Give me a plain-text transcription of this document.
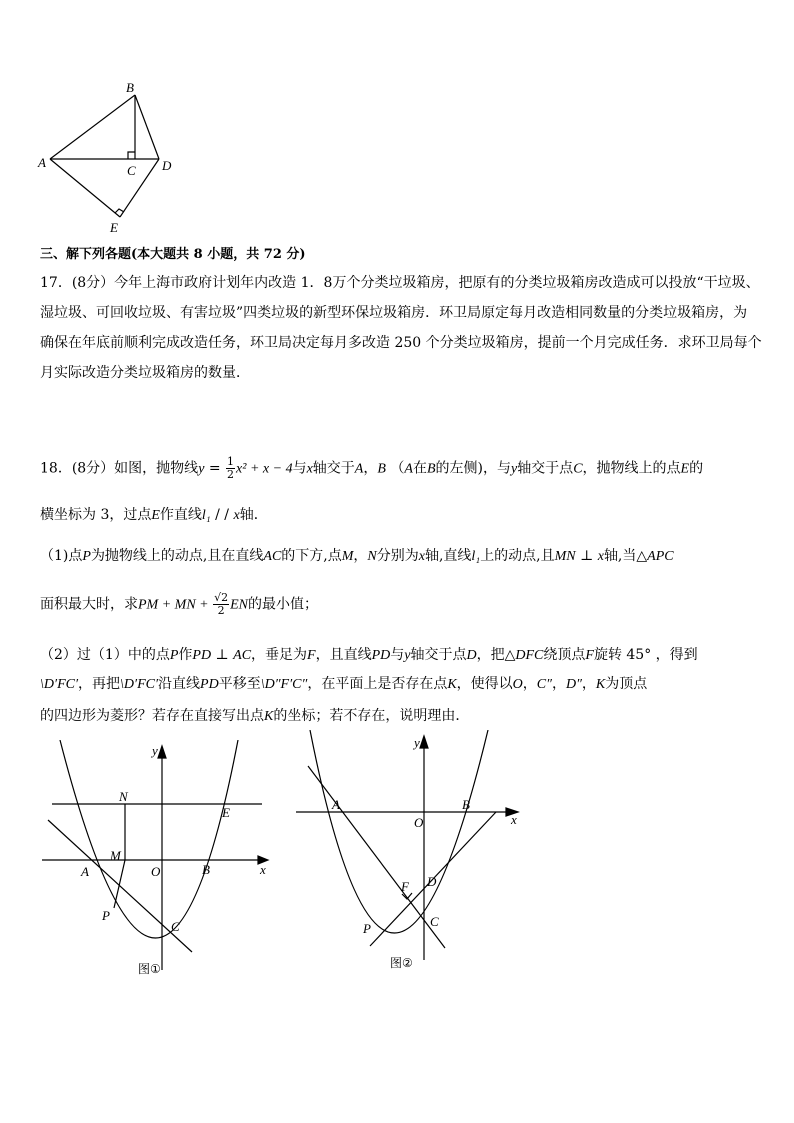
B
A
C D
E
三、解下列各题(本大题共 8 小题，共 72 分)
17．(8分）今年上海市政府计划年内改造 1．8万个分类垃圾箱房，把原有的分类垃圾箱房改造成可以投放“干垃圾、
湿垃圾、可回收垃圾、有害垃圾”四类垃圾的新型环保垃圾箱房．环卫局原定每月改造相同数量的分类垃圾箱房，为
确保在年底前顺利完成改造任务，环卫局决定每月多改造 250 个分类垃圾箱房，提前一个月完成任务．求环卫局每个
月实际改造分类垃圾箱房的数量．
18．(8分）如图，抛物线$y = \frac{1}{2} x^2 + x - 4$与x轴交于A，B （A在B的左侧)，与y轴交于点C，抛物线上的点E的
横坐标为 3，过点E作直线l₁ / / x轴．
（1)点P为抛物线上的动点,且在直线AC的下方,点M，N分别为x轴,直线l₁上的动点,且MN ⊥ x轴,当△APC
面积最大时，求PM + MN + $\frac{√2}{2}$ EN的最小值；
（2）过（1）中的点P作PD ⊥ AC，垂足为F，且直线PD与y轴交于点D，把△DFC绕顶点F旋转 45° ，得到
\D′FC′，再把\D′FC′沿直线PD平移至\D″F′C″，在平面上是否存在点K，使得以O，C″，D″，K为顶点
的四边形为菱形？若存在直接写出点K的坐标；若不存在，说明理由．
y
x
N
E
M
A	O	B
P
C
图①
y
x
A	B
O
F D
P	C
图②
